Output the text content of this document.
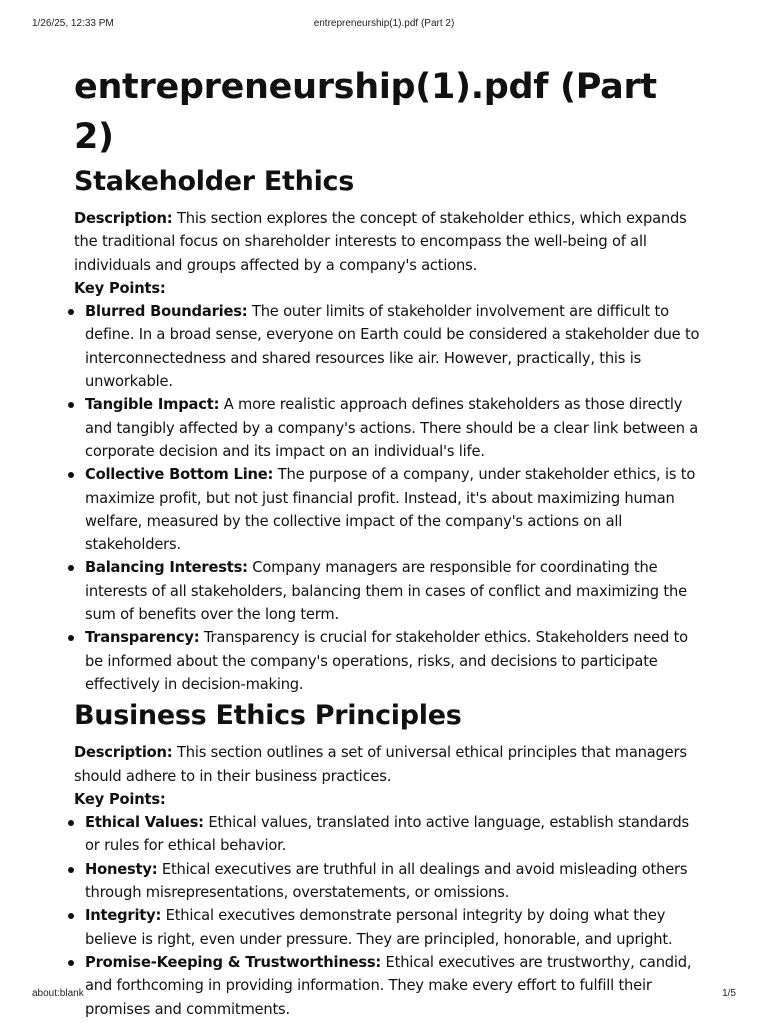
1/26/25, 12:33 PM	entrepreneurship(1).pdf (Part 2)
entrepreneurship(1).pdf (Part 2)
Stakeholder Ethics

Description: This section explores the concept of stakeholder ethics, which expands the traditional focus on shareholder interests to encompass the well-being of all individuals and groups affected by a company's actions.

Key Points:
Blurred Boundaries: The outer limits of stakeholder involvement are difficult to define. In a broad sense, everyone on Earth could be considered a stakeholder due to interconnectedness and shared resources like air. However, practically, this is unworkable.
Tangible Impact: A more realistic approach defines stakeholders as those directly and tangibly affected by a company's actions. There should be a clear link between a corporate decision and its impact on an individual's life.
Collective Bottom Line: The purpose of a company, under stakeholder ethics, is to maximize profit, but not just financial profit. Instead, it's about maximizing human welfare, measured by the collective impact of the company's actions on all stakeholders.
Balancing Interests: Company managers are responsible for coordinating the interests of all stakeholders, balancing them in cases of conflict and maximizing the sum of benefits over the long term.
Transparency: Transparency is crucial for stakeholder ethics. Stakeholders need to be informed about the company's operations, risks, and decisions to participate effectively in decision-making.
Business Ethics Principles

Description: This section outlines a set of universal ethical principles that managers should adhere to in their business practices.

Key Points:
Ethical Values: Ethical values, translated into active language, establish standards or rules for ethical behavior.
Honesty: Ethical executives are truthful in all dealings and avoid misleading others through misrepresentations, overstatements, or omissions.
Integrity: Ethical executives demonstrate personal integrity by doing what they believe is right, even under pressure. They are principled, honorable, and upright.
Promise-Keeping & Trustworthiness: Ethical executives are trustworthy, candid, and forthcoming in providing information. They make every effort to fulfill their promises and commitments.
about:blank	1/5
